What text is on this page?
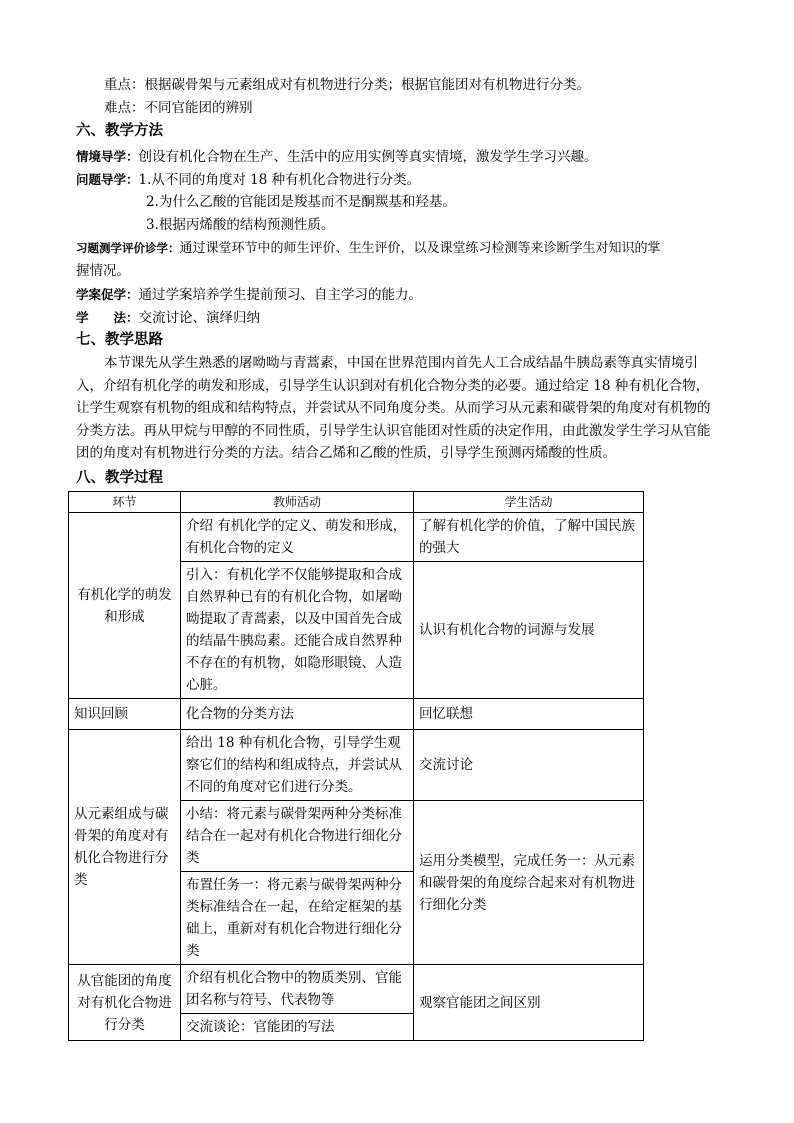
重点：根据碳骨架与元素组成对有机物进行分类；根据官能团对有机物进行分类。
难点：不同官能团的辨别
六、教学方法
情境导学：创设有机化合物在生产、生活中的应用实例等真实情境，激发学生学习兴趣。
问题导学：1.从不同的角度对 18 种有机化合物进行分类。
2.为什么乙酸的官能团是羧基而不是酮羰基和羟基。
3.根据丙烯酸的结构预测性质。
习题测学评价诊学：通过课堂环节中的师生评价、生生评价，以及课堂练习检测等来诊断学生对知识的掌
握情况。
学案促学：通过学案培养学生提前预习、自主学习的能力。
学　　法：交流讨论、演绎归纳
七、教学思路
本节课先从学生熟悉的屠呦呦与青蒿素，中国在世界范围内首先人工合成结晶牛胰岛素等真实情境引入，介绍有机化学的萌发和形成，引导学生认识到对有机化合物分类的必要。通过给定 18 种有机化合物，让学生观察有机物的组成和结构特点，并尝试从不同角度分类。从而学习从元素和碳骨架的角度对有机物的分类方法。再从甲烷与甲醇的不同性质，引导学生认识官能团对性质的决定作用，由此激发学生学习从官能团的角度对有机物进行分类的方法。结合乙烯和乙酸的性质，引导学生预测丙烯酸的性质。
八、教学过程
环节	教师活动	学生活动
有机化学的萌发和形成	介绍 有机化学的定义、萌发和形成，有机化合物的定义	了解有机化学的价值，了解中国民族的强大
	引入：有机化学不仅能够提取和合成自然界种已有的有机化合物，如屠呦呦提取了青蒿素，以及中国首先合成的结晶牛胰岛素。还能合成自然界种不存在的有机物，如隐形眼镜、人造心脏。	认识有机化合物的词源与发展
知识回顾	化合物的分类方法	回忆联想
从元素组成与碳骨架的角度对有机化合物进行分类	给出 18 种有机化合物，引导学生观察它们的结构和组成特点，并尝试从不同的角度对它们进行分类。	交流讨论
	小结：将元素与碳骨架两种分类标准结合在一起对有机化合物进行细化分类	运用分类模型，完成任务一：从元素和碳骨架的角度综合起来对有机物进行细化分类
	布置任务一：将元素与碳骨架两种分类标准结合在一起，在给定框架的基础上，重新对有机化合物进行细化分类	
从官能团的角度对有机化合物进行分类	介绍有机化合物中的物质类别、官能团名称与符号、代表物等	观察官能团之间区别
	交流谈论：官能团的写法	
